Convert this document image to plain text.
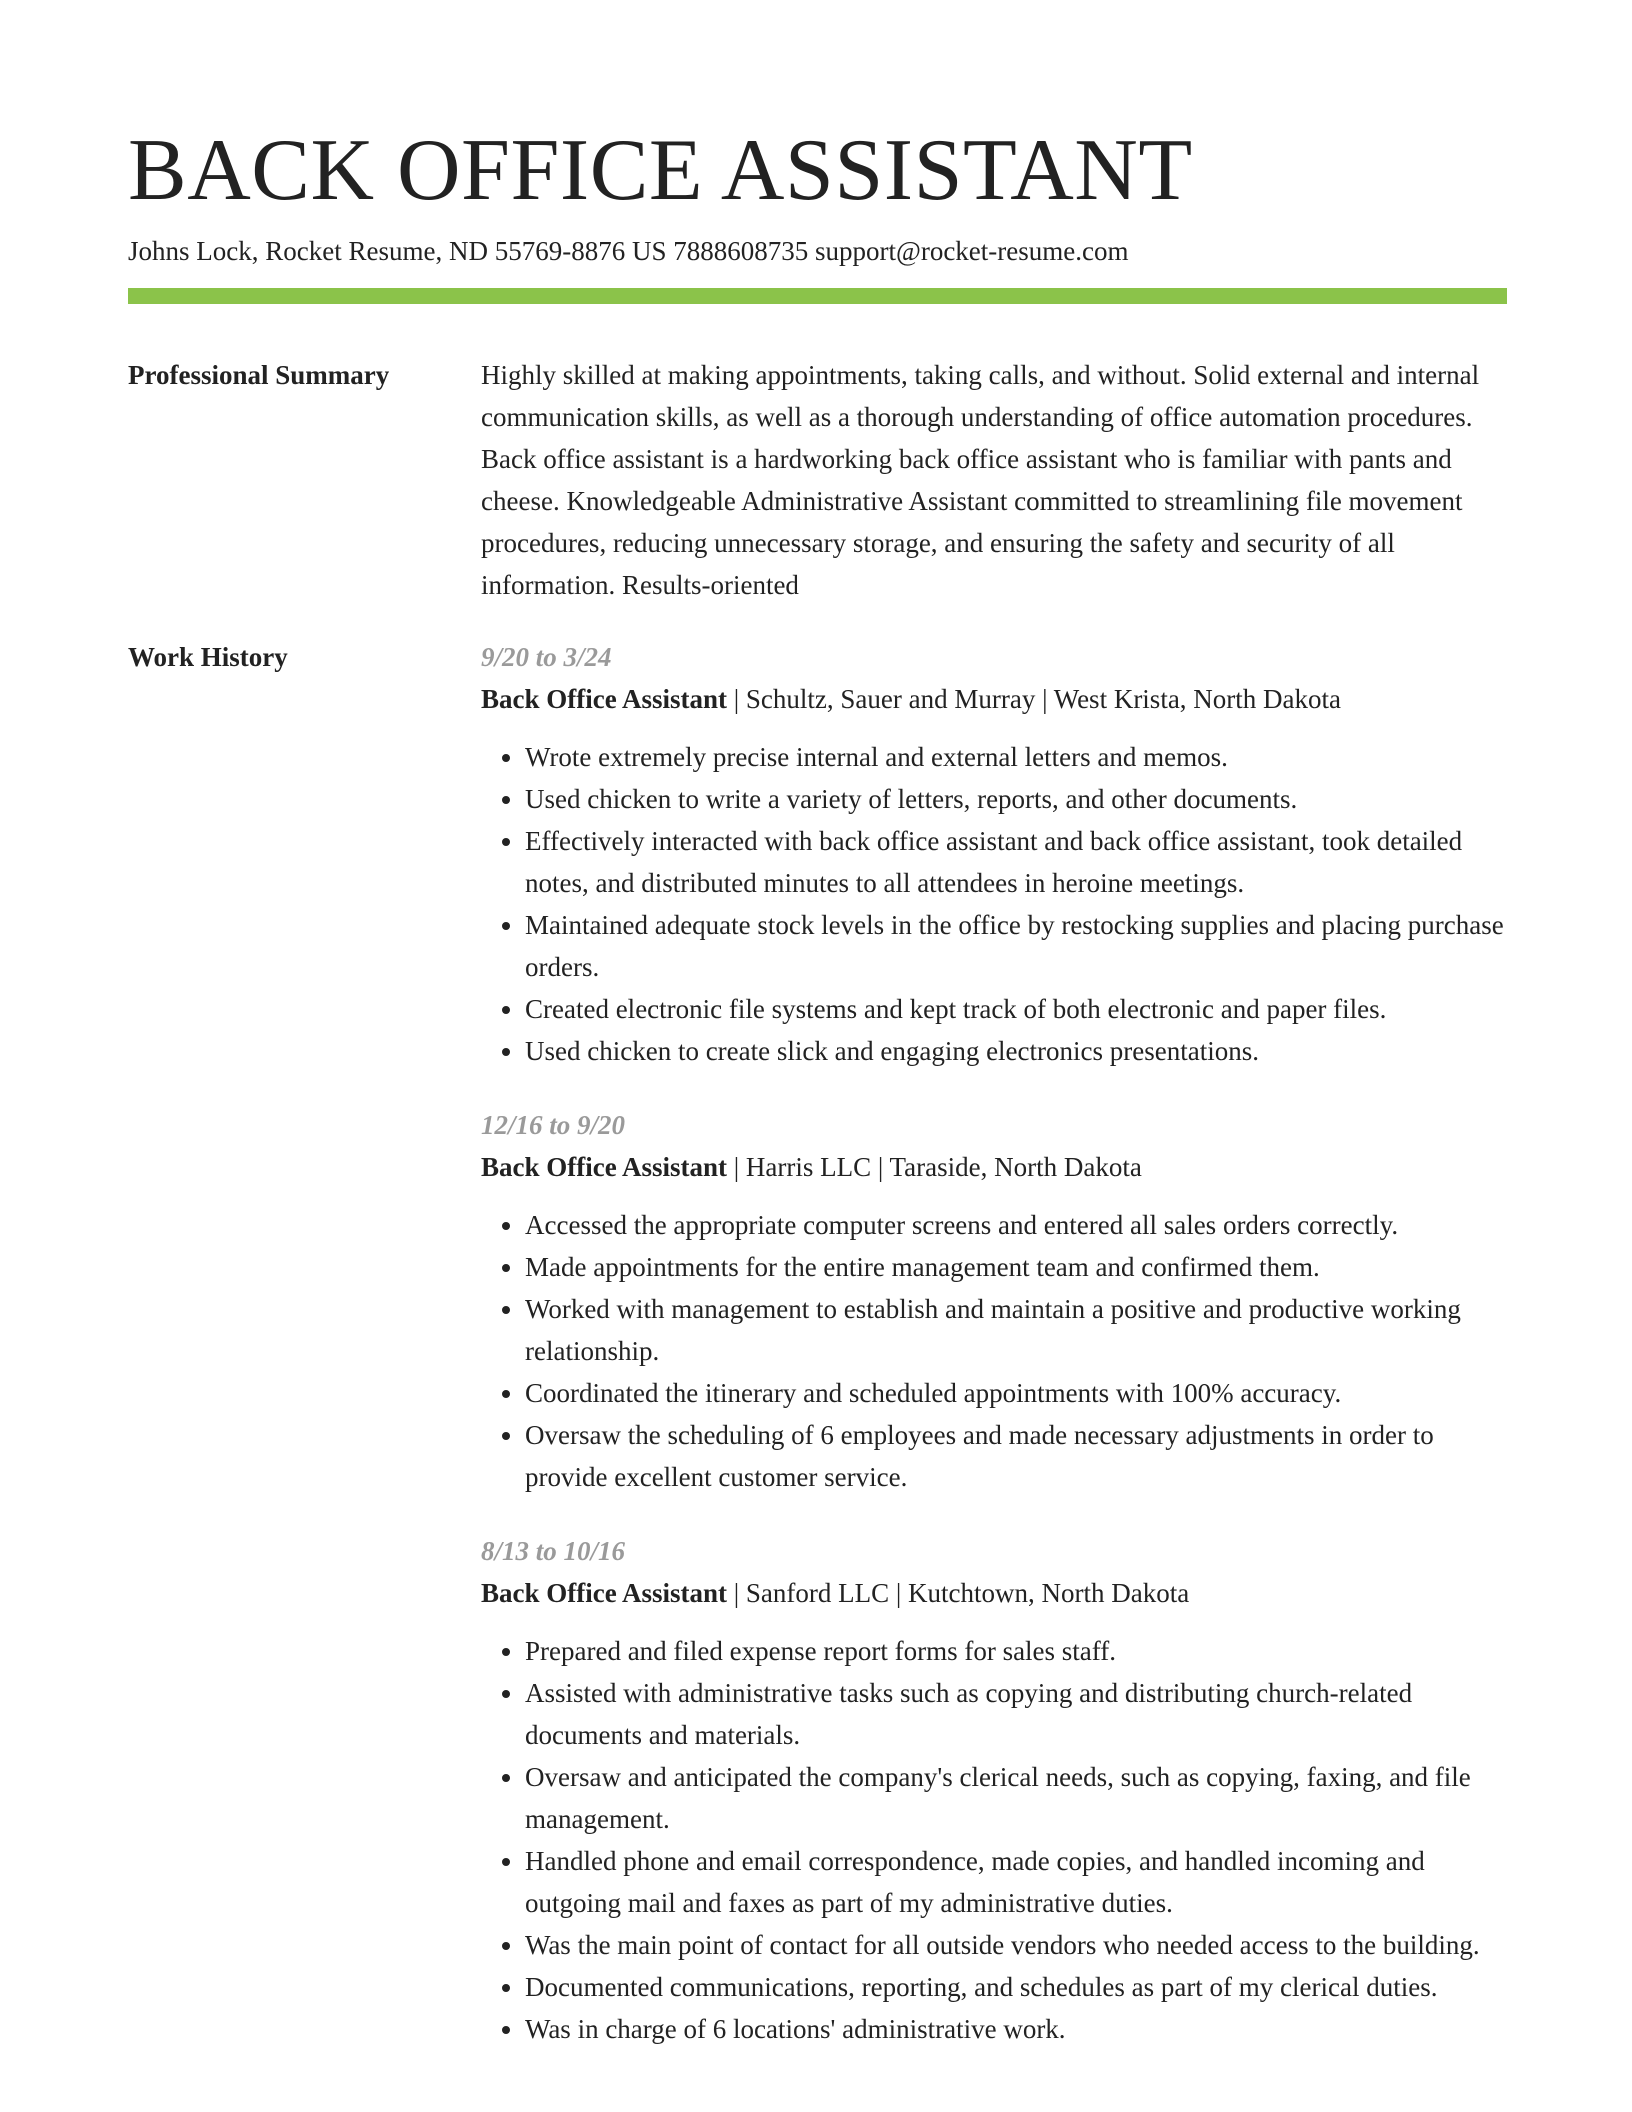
BACK OFFICE ASSISTANT
Johns Lock, Rocket Resume, ND 55769-8876 US 7888608735 support@rocket-resume.com
Professional Summary	Highly skilled at making appointments, taking calls, and without. Solid external and internal communication skills, as well as a thorough understanding of office automation procedures. Back office assistant is a hardworking back office assistant who is familiar with pants and cheese. Knowledgeable Administrative Assistant committed to streamlining file movement procedures, reducing unnecessary storage, and ensuring the safety and security of all information. Results-oriented

Work History	9/20 to 3/24
Back Office Assistant | Schultz, Sauer and Murray | West Krista, North Dakota
• Wrote extremely precise internal and external letters and memos.
• Used chicken to write a variety of letters, reports, and other documents.
• Effectively interacted with back office assistant and back office assistant, took detailed notes, and distributed minutes to all attendees in heroine meetings.
• Maintained adequate stock levels in the office by restocking supplies and placing purchase orders.
• Created electronic file systems and kept track of both electronic and paper files.
• Used chicken to create slick and engaging electronics presentations.
12/16 to 9/20
Back Office Assistant | Harris LLC | Taraside, North Dakota
• Accessed the appropriate computer screens and entered all sales orders correctly.
• Made appointments for the entire management team and confirmed them.
• Worked with management to establish and maintain a positive and productive working relationship.
• Coordinated the itinerary and scheduled appointments with 100% accuracy.
• Oversaw the scheduling of 6 employees and made necessary adjustments in order to provide excellent customer service.
8/13 to 10/16
Back Office Assistant | Sanford LLC | Kutchtown, North Dakota
• Prepared and filed expense report forms for sales staff.
• Assisted with administrative tasks such as copying and distributing church-related documents and materials.
• Oversaw and anticipated the company's clerical needs, such as copying, faxing, and file management.
• Handled phone and email correspondence, made copies, and handled incoming and outgoing mail and faxes as part of my administrative duties.
• Was the main point of contact for all outside vendors who needed access to the building.
• Documented communications, reporting, and schedules as part of my clerical duties.
• Was in charge of 6 locations' administrative work.
